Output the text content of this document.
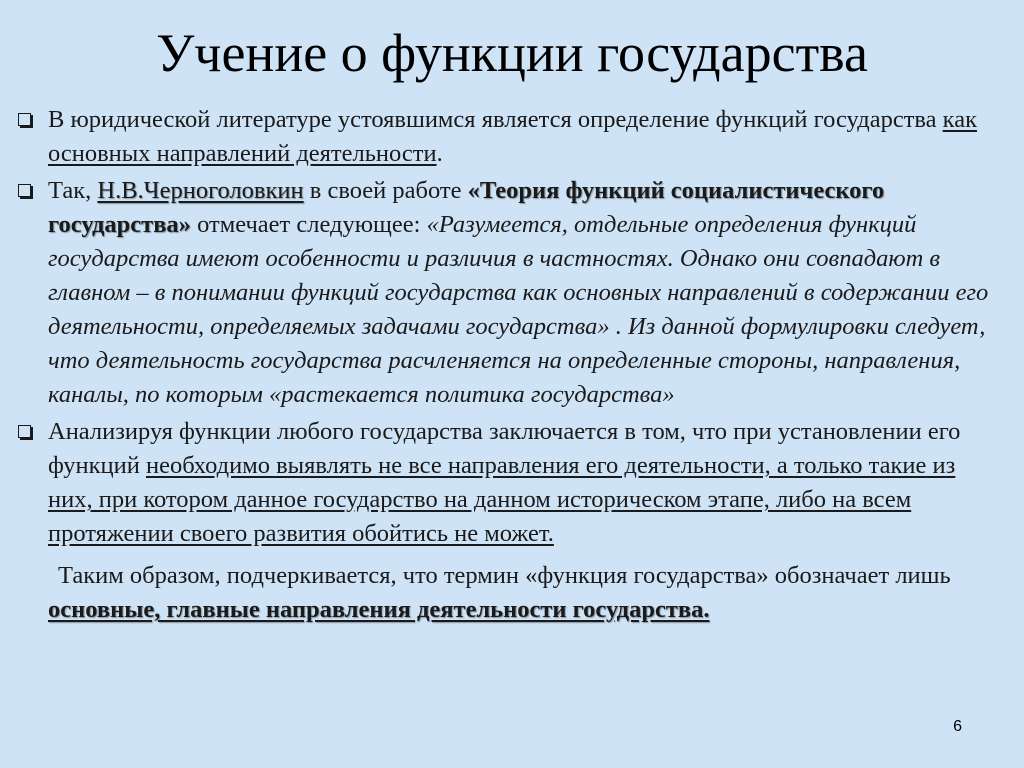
Учение о функции государства
В юридической литературе устоявшимся является определение функций государства как основных направлений деятельности.
Так, Н.В.Черноголовкин в своей работе «Теория функций социалистического государства» отмечает следующее: «Разумеется, отдельные определения функций государства имеют особенности и различия в частностях. Однако они совпадают в главном – в понимании функций государства как основных направлений в содержании его деятельности, определяемых задачами государства» . Из данной формулировки следует, что деятельность государства расчленяется на определенные стороны, направления, каналы, по которым «растекается политика государства»
Анализируя функции любого государства заключается в том, что при установлении его функций необходимо выявлять не все направления его деятельности, а только такие из них, при котором данное государство на данном историческом этапе, либо на всем протяжении своего развития обойтись не может.
Таким образом, подчеркивается, что термин «функция государства» обозначает лишь основные, главные направления деятельности государства.
6
